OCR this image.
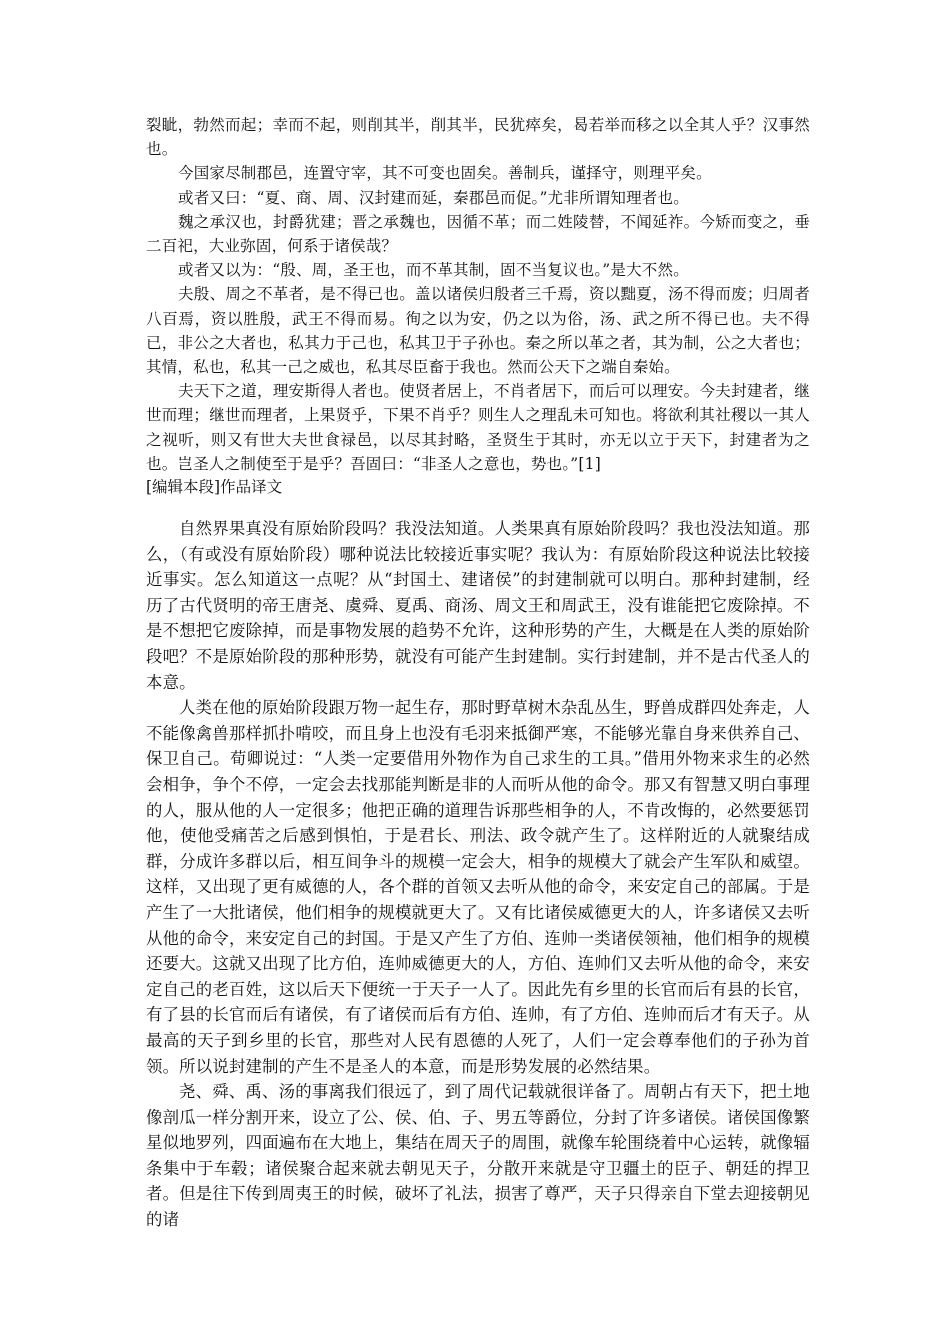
裂眦，勃然而起；幸而不起，则削其半，削其半，民犹瘁矣，曷若举而移之以全其人乎？汉事然也。

今国家尽制郡邑，连置守宰，其不可变也固矣。善制兵，谨择守，则理平矣。

或者又曰：“夏、商、周、汉封建而延，秦郡邑而促。”尤非所谓知理者也。

魏之承汉也，封爵犹建；晋之承魏也，因循不革；而二姓陵替，不闻延祚。今矫而变之，垂二百祀，大业弥固，何系于诸侯哉？

或者又以为：“殷、周，圣王也，而不革其制，固不当复议也。”是大不然。

夫殷、周之不革者，是不得已也。盖以诸侯归殷者三千焉，资以黜夏，汤不得而废；归周者八百焉，资以胜殷，武王不得而易。徇之以为安，仍之以为俗，汤、武之所不得已也。夫不得已，非公之大者也，私其力于己也，私其卫于子孙也。秦之所以革之者，其为制，公之大者也；其情，私也，私其一己之威也，私其尽臣畜于我也。然而公天下之端自秦始。

夫天下之道，理安斯得人者也。使贤者居上，不肖者居下，而后可以理安。今夫封建者，继世而理；继世而理者，上果贤乎，下果不肖乎？则生人之理乱未可知也。将欲利其社稷以一其人之视听，则又有世大夫世食禄邑，以尽其封略，圣贤生于其时，亦无以立于天下，封建者为之也。岂圣人之制使至于是乎？吾固曰：“非圣人之意也，势也。”[1]

[编辑本段]作品译文

自然界果真没有原始阶段吗？我没法知道。人类果真有原始阶段吗？我也没法知道。那么，（有或没有原始阶段）哪种说法比较接近事实呢？我认为：有原始阶段这种说法比较接近事实。怎么知道这一点呢？从“封国土、建诸侯”的封建制就可以明白。那种封建制，经历了古代贤明的帝王唐尧、虞舜、夏禹、商汤、周文王和周武王，没有谁能把它废除掉。不是不想把它废除掉，而是事物发展的趋势不允许，这种形势的产生，大概是在人类的原始阶段吧？不是原始阶段的那种形势，就没有可能产生封建制。实行封建制，并不是古代圣人的本意。

人类在他的原始阶段跟万物一起生存，那时野草树木杂乱丛生，野兽成群四处奔走，人不能像禽兽那样抓扑啃咬，而且身上也没有毛羽来抵御严寒，不能够光靠自身来供养自己、保卫自己。荀卿说过：“人类一定要借用外物作为自己求生的工具。”借用外物来求生的必然会相争，争个不停，一定会去找那能判断是非的人而听从他的命令。那又有智慧又明白事理的人，服从他的人一定很多；他把正确的道理告诉那些相争的人，不肯改悔的，必然要惩罚他，使他受痛苦之后感到惧怕，于是君长、刑法、政令就产生了。这样附近的人就聚结成群，分成许多群以后，相互间争斗的规模一定会大，相争的规模大了就会产生军队和威望。这样，又出现了更有威德的人，各个群的首领又去听从他的命令，来安定自己的部属。于是产生了一大批诸侯，他们相争的规模就更大了。又有比诸侯威德更大的人，许多诸侯又去听从他的命令，来安定自己的封国。于是又产生了方伯、连帅一类诸侯领袖，他们相争的规模还要大。这就又出现了比方伯，连帅威德更大的人，方伯、连帅们又去听从他的命令，来安定自己的老百姓，这以后天下便统一于天子一人了。因此先有乡里的长官而后有县的长官，有了县的长官而后有诸侯，有了诸侯而后有方伯、连帅，有了方伯、连帅而后才有天子。从最高的天子到乡里的长官，那些对人民有恩德的人死了，人们一定会尊奉他们的子孙为首领。所以说封建制的产生不是圣人的本意，而是形势发展的必然结果。

尧、舜、禹、汤的事离我们很远了，到了周代记载就很详备了。周朝占有天下，把土地像剖瓜一样分割开来，设立了公、侯、伯、子、男五等爵位，分封了许多诸侯。诸侯国像繁星似地罗列，四面遍布在大地上，集结在周天子的周围，就像车轮围绕着中心运转，就像辐条集中于车毂；诸侯聚合起来就去朝见天子，分散开来就是守卫疆土的臣子、朝廷的捍卫者。但是往下传到周夷王的时候，破坏了礼法，损害了尊严，天子只得亲自下堂去迎接朝见的诸
